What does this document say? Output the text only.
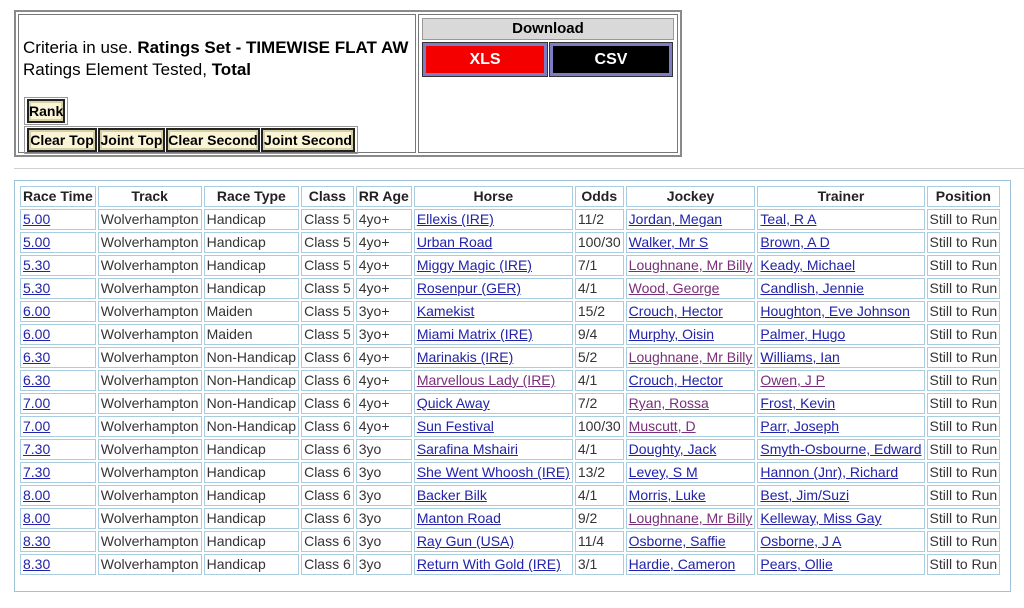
Criteria in use. Ratings Set - TIMEWISE FLAT AW
Ratings Element Tested, Total
Rank
Clear Top Joint Top Clear Second Joint Second
Download
XLS	CSV
Race Time	Track	Race Type	Class	RR Age	Horse	Odds	Jockey	Trainer	Position
5.00	Wolverhampton	Handicap	Class 5	4yo+	Ellexis (IRE)	11/2	Jordan, Megan	Teal, R A	Still to Run
5.00	Wolverhampton	Handicap	Class 5	4yo+	Urban Road	100/30	Walker, Mr S	Brown, A D	Still to Run
5.30	Wolverhampton	Handicap	Class 5	4yo+	Miggy Magic (IRE)	7/1	Loughnane, Mr Billy	Keady, Michael	Still to Run
5.30	Wolverhampton	Handicap	Class 5	4yo+	Rosenpur (GER)	4/1	Wood, George	Candlish, Jennie	Still to Run
6.00	Wolverhampton	Maiden	Class 5	3yo+	Kamekist	15/2	Crouch, Hector	Houghton, Eve Johnson	Still to Run
6.00	Wolverhampton	Maiden	Class 5	3yo+	Miami Matrix (IRE)	9/4	Murphy, Oisin	Palmer, Hugo	Still to Run
6.30	Wolverhampton	Non-Handicap	Class 6	4yo+	Marinakis (IRE)	5/2	Loughnane, Mr Billy	Williams, Ian	Still to Run
6.30	Wolverhampton	Non-Handicap	Class 6	4yo+	Marvellous Lady (IRE)	4/1	Crouch, Hector	Owen, J P	Still to Run
7.00	Wolverhampton	Non-Handicap	Class 6	4yo+	Quick Away	7/2	Ryan, Rossa	Frost, Kevin	Still to Run
7.00	Wolverhampton	Non-Handicap	Class 6	4yo+	Sun Festival	100/30	Muscutt, D	Parr, Joseph	Still to Run
7.30	Wolverhampton	Handicap	Class 6	3yo	Sarafina Mshairi	4/1	Doughty, Jack	Smyth-Osbourne, Edward	Still to Run
7.30	Wolverhampton	Handicap	Class 6	3yo	She Went Whoosh (IRE)	13/2	Levey, S M	Hannon (Jnr), Richard	Still to Run
8.00	Wolverhampton	Handicap	Class 6	3yo	Backer Bilk	4/1	Morris, Luke	Best, Jim/Suzi	Still to Run
8.00	Wolverhampton	Handicap	Class 6	3yo	Manton Road	9/2	Loughnane, Mr Billy	Kelleway, Miss Gay	Still to Run
8.30	Wolverhampton	Handicap	Class 6	3yo	Ray Gun (USA)	11/4	Osborne, Saffie	Osborne, J A	Still to Run
8.30	Wolverhampton	Handicap	Class 6	3yo	Return With Gold (IRE)	3/1	Hardie, Cameron	Pears, Ollie	Still to Run
